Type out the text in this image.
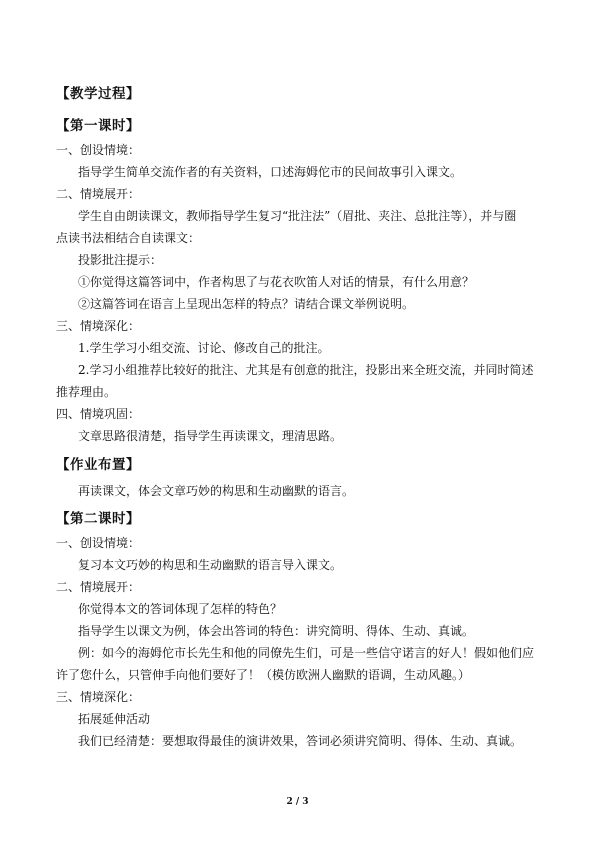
【教学过程】
【第一课时】
一、创设情境：
指导学生简单交流作者的有关资料，口述海姆佗市的民间故事引入课文。
二、情境展开：
学生自由朗读课文，教师指导学生复习“批注法”（眉批、夹注、总批注等），并与圈
点读书法相结合自读课文：
投影批注提示：
①你觉得这篇答词中，作者构思了与花衣吹笛人对话的情景，有什么用意？
②这篇答词在语言上呈现出怎样的特点？请结合课文举例说明。
三、情境深化：
1.学生学习小组交流、讨论、修改自己的批注。
2.学习小组推荐比较好的批注、尤其是有创意的批注，投影出来全班交流，并同时简述
推荐理由。
四、情境巩固：
文章思路很清楚，指导学生再读课文，理清思路。
【作业布置】
再读课文，体会文章巧妙的构思和生动幽默的语言。
【第二课时】
一、创设情境：
复习本文巧妙的构思和生动幽默的语言导入课文。
二、情境展开：
你觉得本文的答词体现了怎样的特色？
指导学生以课文为例，体会出答词的特色：讲究简明、得体、生动、真诚。
例：如今的海姆佗市长先生和他的同僚先生们，可是一些信守诺言的好人！假如他们应
许了您什么，只管伸手向他们要好了！（模仿欧洲人幽默的语调，生动风趣。）
三、情境深化：
拓展延伸活动
我们已经清楚：要想取得最佳的演讲效果，答词必须讲究简明、得体、生动、真诚。
2 / 3
